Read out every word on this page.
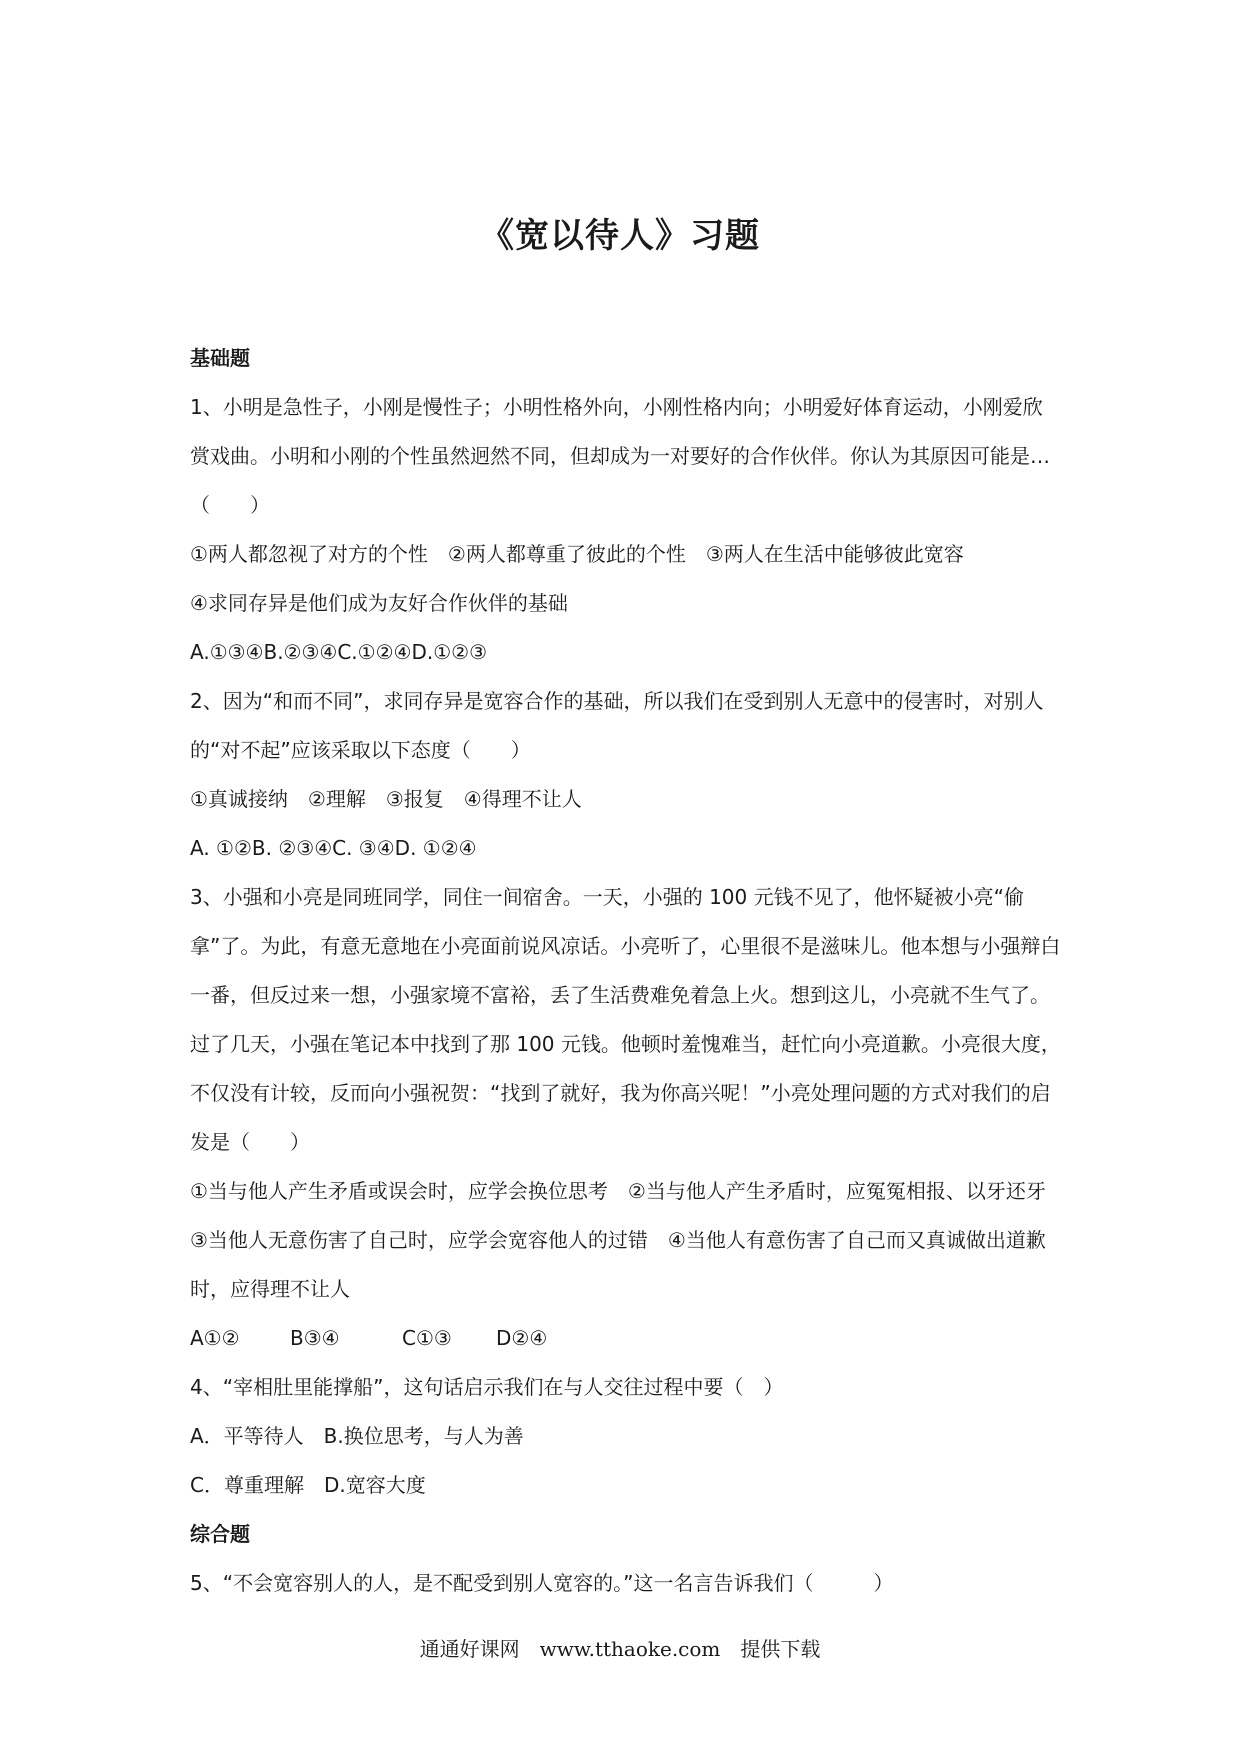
《宽以待人》习题

基础题

1、小明是急性子，小刚是慢性子；小明性格外向，小刚性格内向；小明爱好体育运动，小刚爱欣赏戏曲。小明和小刚的个性虽然迥然不同，但却成为一对要好的合作伙伴。你认为其原因可能是…　（　　）

①两人都忽视了对方的个性　②两人都尊重了彼此的个性　③两人在生活中能够彼此宽容

④求同存异是他们成为友好合作伙伴的基础

A.①③④B.②③④C.①②④D.①②③

2、因为“和而不同”，求同存异是宽容合作的基础，所以我们在受到别人无意中的侵害时，对别人的“对不起”应该采取以下态度（　　）

①真诚接纳　②理解　③报复　④得理不让人

A. ①②B. ②③④C. ③④D. ①②④

3、小强和小亮是同班同学，同住一间宿舍。一天，小强的 100 元钱不见了，他怀疑被小亮“偷拿”了。为此，有意无意地在小亮面前说风凉话。小亮听了，心里很不是滋味儿。他本想与小强辩白一番，但反过来一想，小强家境不富裕，丢了生活费难免着急上火。想到这儿，小亮就不生气了。过了几天，小强在笔记本中找到了那 100 元钱。他顿时羞愧难当，赶忙向小亮道歉。小亮很大度，不仅没有计较，反而向小强祝贺：“找到了就好，我为你高兴呢！”小亮处理问题的方式对我们的启发是（　　）

①当与他人产生矛盾或误会时，应学会换位思考　②当与他人产生矛盾时，应冤冤相报、以牙还牙③当他人无意伤害了自己时，应学会宽容他人的过错　④当他人有意伤害了自己而又真诚做出道歉时，应得理不让人

A①②	B③④	C①③ D②④

4、“宰相肚里能撑船”，这句话启示我们在与人交往过程中要（　）

A．平等待人　B.换位思考，与人为善

C．尊重理解　D.宽容大度

综合题

5、“不会宽容别人的人，是不配受到别人宽容的。”这一名言告诉我们（　　　）

通通好课网　www.tthaoke.com　提供下载
